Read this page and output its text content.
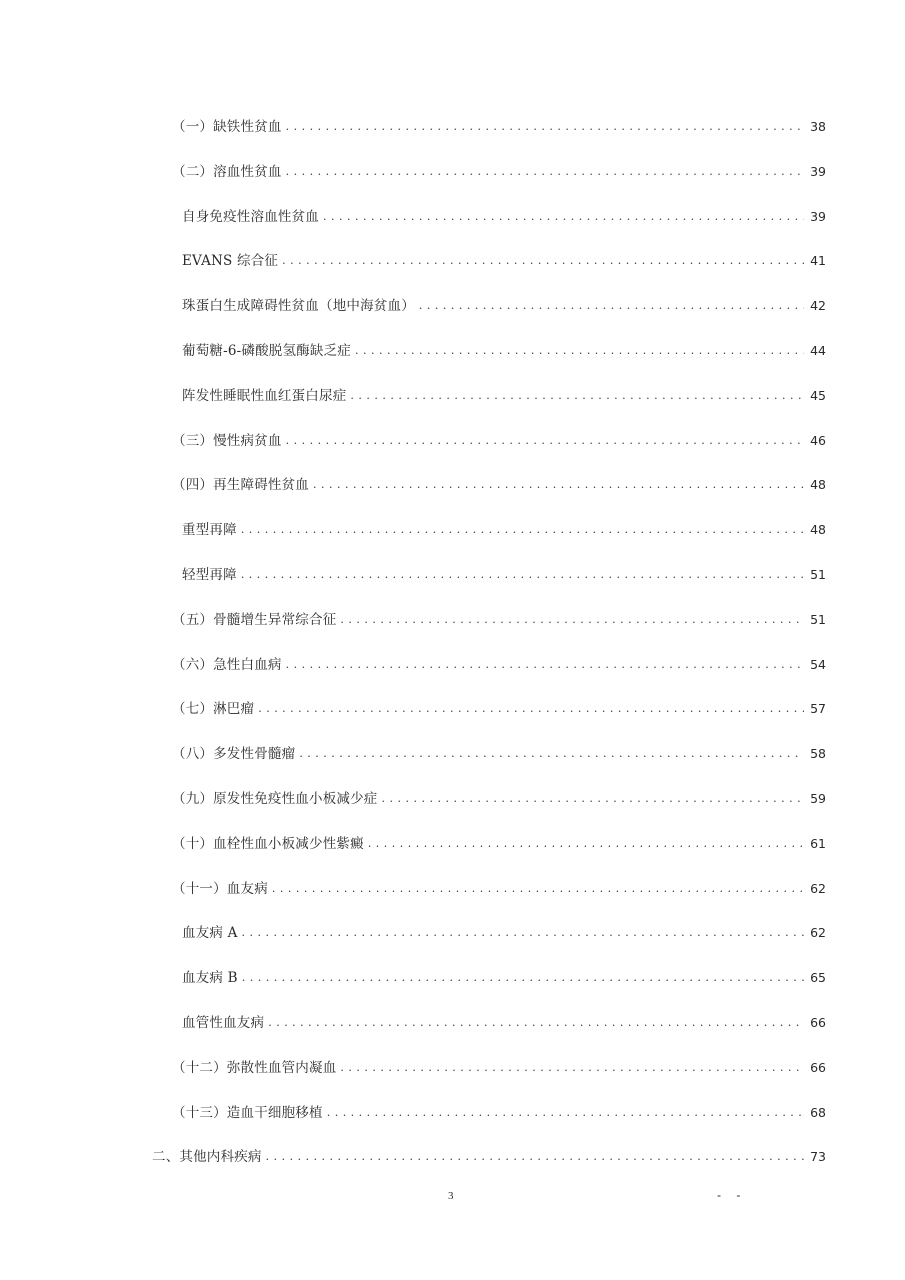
（一）缺铁性贫血 . . .	38
（二）溶血性贫血 . . .	39
自身免疫性溶血性贫血 . . .	39
EVANS 综合征 . . .	41
珠蛋白生成障碍性贫血（地中海贫血） . . .	42
葡萄糖-6-磷酸脱氢酶缺乏症 . . .	44
阵发性睡眠性血红蛋白尿症 . . .	45
（三）慢性病贫血 . . .	46
（四）再生障碍性贫血 . . .	48
重型再障 . . .	48
轻型再障 . . .	51
（五）骨髓增生异常综合征 . . .	51
（六）急性白血病 . . .	54
（七）淋巴瘤 . . .	57
（八）多发性骨髓瘤 . . .	58
（九）原发性免疫性血小板减少症 . . .	59
（十）血栓性血小板减少性紫癜 . . .	61
（十一）血友病 . . .	62
血友病 A . . .	62
血友病 B . . .	65
血管性血友病 . . .	66
（十二）弥散性血管内凝血 . . .	66
（十三）造血干细胞移植 . . .	68
二、其他内科疾病 . . .	73
3	- -
